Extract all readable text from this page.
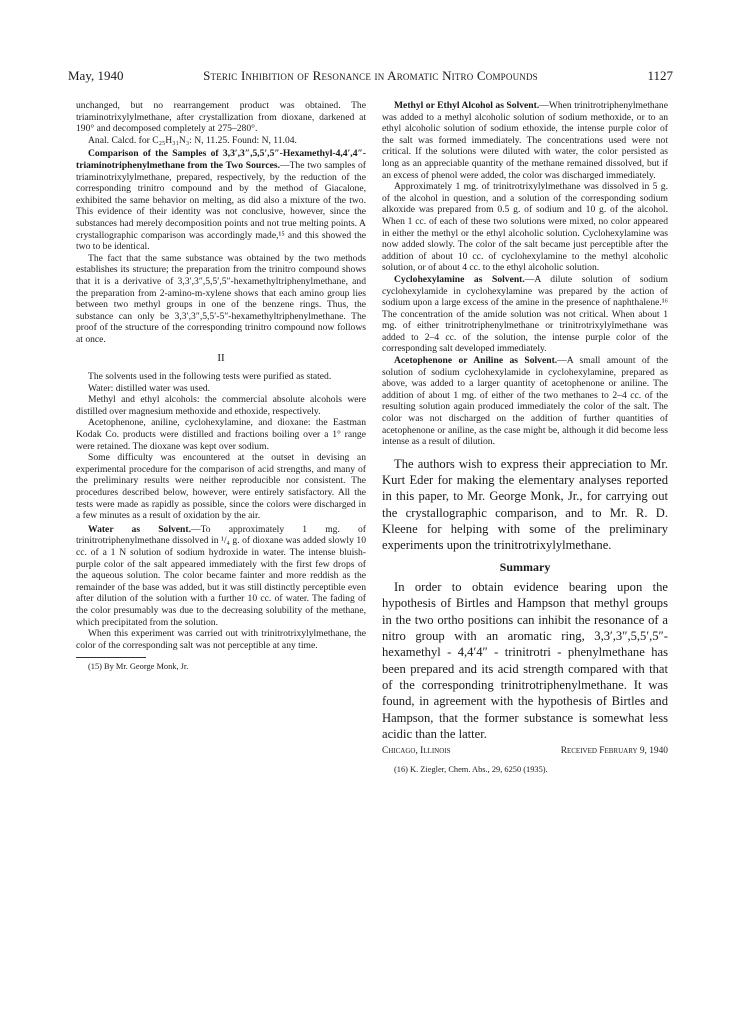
May, 1940	Steric Inhibition of Resonance in Aromatic Nitro Compounds	1127

unchanged, but no rearrangement product was obtained. The triaminotrixylylmethane, after crystallization from dioxane, darkened at 190° and decomposed completely at 275–280°.

Anal. Calcd. for C₂₅H₃₁N₃: N, 11.25. Found: N, 11.04.

Comparison of the Samples of 3,3′,3″,5,5′,5″-Hexamethyl-4,4′,4″-triaminotriphenylmethane from the Two Sources.—The two samples of triaminotrixylylmethane, prepared, respectively, by the reduction of the corresponding trinitro compound and by the method of Giacalone, exhibited the same behavior on melting, as did also a mixture of the two. This evidence of their identity was not conclusive, however, since the substances had merely decomposition points and not true melting points. A crystallographic comparison was accordingly made,¹⁵ and this showed the two to be identical.

The fact that the same substance was obtained by the two methods establishes its structure; the preparation from the trinitro compound shows that it is a derivative of 3,3′,3″,5,5′,5″-hexamethyltriphenylmethane, and the preparation from 2-amino-m-xylene shows that each amino group lies between two methyl groups in one of the benzene rings. Thus, the substance can only be 3,3′,3″,5,5′-5″-hexamethyltriphenylmethane. The proof of the structure of the corresponding trinitro compound now follows at once.

II

The solvents used in the following tests were purified as stated.

Water: distilled water was used.

Methyl and ethyl alcohols: the commercial absolute alcohols were distilled over magnesium methoxide and ethoxide, respectively.

Acetophenone, aniline, cyclohexylamine, and dioxane: the Eastman Kodak Co. products were distilled and fractions boiling over a 1° range were retained. The dioxane was kept over sodium.

Some difficulty was encountered at the outset in devising an experimental procedure for the comparison of acid strengths, and many of the preliminary results were neither reproducible nor consistent. The procedures described below, however, were entirely satisfactory. All the tests were made as rapidly as possible, since the colors were discharged in a few minutes as a result of oxidation by the air.

Water as Solvent.—To approximately 1 mg. of trinitrotriphenylmethane dissolved in ¹/₄ g. of dioxane was added slowly 10 cc. of a 1 N solution of sodium hydroxide in water. The intense bluish-purple color of the salt appeared immediately with the first few drops of the aqueous solution. The color became fainter and more reddish as the remainder of the base was added, but it was still distinctly perceptible even after dilution of the solution with a further 10 cc. of water. The fading of the color presumably was due to the decreasing solubility of the methane, which precipitated from the solution.

When this experiment was carried out with trinitrotrixylylmethane, the color of the corresponding salt was not perceptible at any time.

(15) By Mr. George Monk, Jr.

Methyl or Ethyl Alcohol as Solvent.—When trinitrotriphenylmethane was added to a methyl alcoholic solution of sodium methoxide, or to an ethyl alcoholic solution of sodium ethoxide, the intense purple color of the salt was formed immediately. The concentrations used were not critical. If the solutions were diluted with water, the color persisted as long as an appreciable quantity of the methane remained dissolved, but if an excess of phenol were added, the color was discharged immediately.

Approximately 1 mg. of trinitrotrixylylmethane was dissolved in 5 g. of the alcohol in question, and a solution of the corresponding sodium alkoxide was prepared from 0.5 g. of sodium and 10 g. of the alcohol. When 1 cc. of each of these two solutions were mixed, no color appeared in either the methyl or the ethyl alcoholic solution. Cyclohexylamine was now added slowly. The color of the salt became just perceptible after the addition of about 10 cc. of cyclohexylamine to the methyl alcoholic solution, or of about 4 cc. to the ethyl alcoholic solution.

Cyclohexylamine as Solvent.—A dilute solution of sodium cyclohexylamide in cyclohexylamine was prepared by the action of sodium upon a large excess of the amine in the presence of naphthalene.¹⁶ The concentration of the amide solution was not critical. When about 1 mg. of either trinitrotriphenylmethane or trinitrotrixylylmethane was added to 2–4 cc. of the solution, the intense purple color of the corresponding salt developed immediately.

Acetophenone or Aniline as Solvent.—A small amount of the solution of sodium cyclohexylamide in cyclohexylamine, prepared as above, was added to a larger quantity of acetophenone or aniline. The addition of about 1 mg. of either of the two methanes to 2–4 cc. of the resulting solution again produced immediately the color of the salt. The color was not discharged on the addition of further quantities of acetophenone or aniline, as the case might be, although it did become less intense as a result of dilution.

The authors wish to express their appreciation to Mr. Kurt Eder for making the elementary analyses reported in this paper, to Mr. George Monk, Jr., for carrying out the crystallographic comparison, and to Mr. R. D. Kleene for helping with some of the preliminary experiments upon the trinitrotrixylylmethane.

Summary

In order to obtain evidence bearing upon the hypothesis of Birtles and Hampson that methyl groups in the two ortho positions can inhibit the resonance of a nitro group with an aromatic ring, 3,3′,3″,5,5′,5″-hexamethyl - 4,4′4″ - trinitrotri - phenylmethane has been prepared and its acid strength compared with that of the corresponding trinitrotriphenylmethane. It was found, in agreement with the hypothesis of Birtles and Hampson, that the former substance is somewhat less acidic than the latter.

Chicago, Illinois	Received February 9, 1940
(16) K. Ziegler, Chem. Abs., 29, 6250 (1935).
